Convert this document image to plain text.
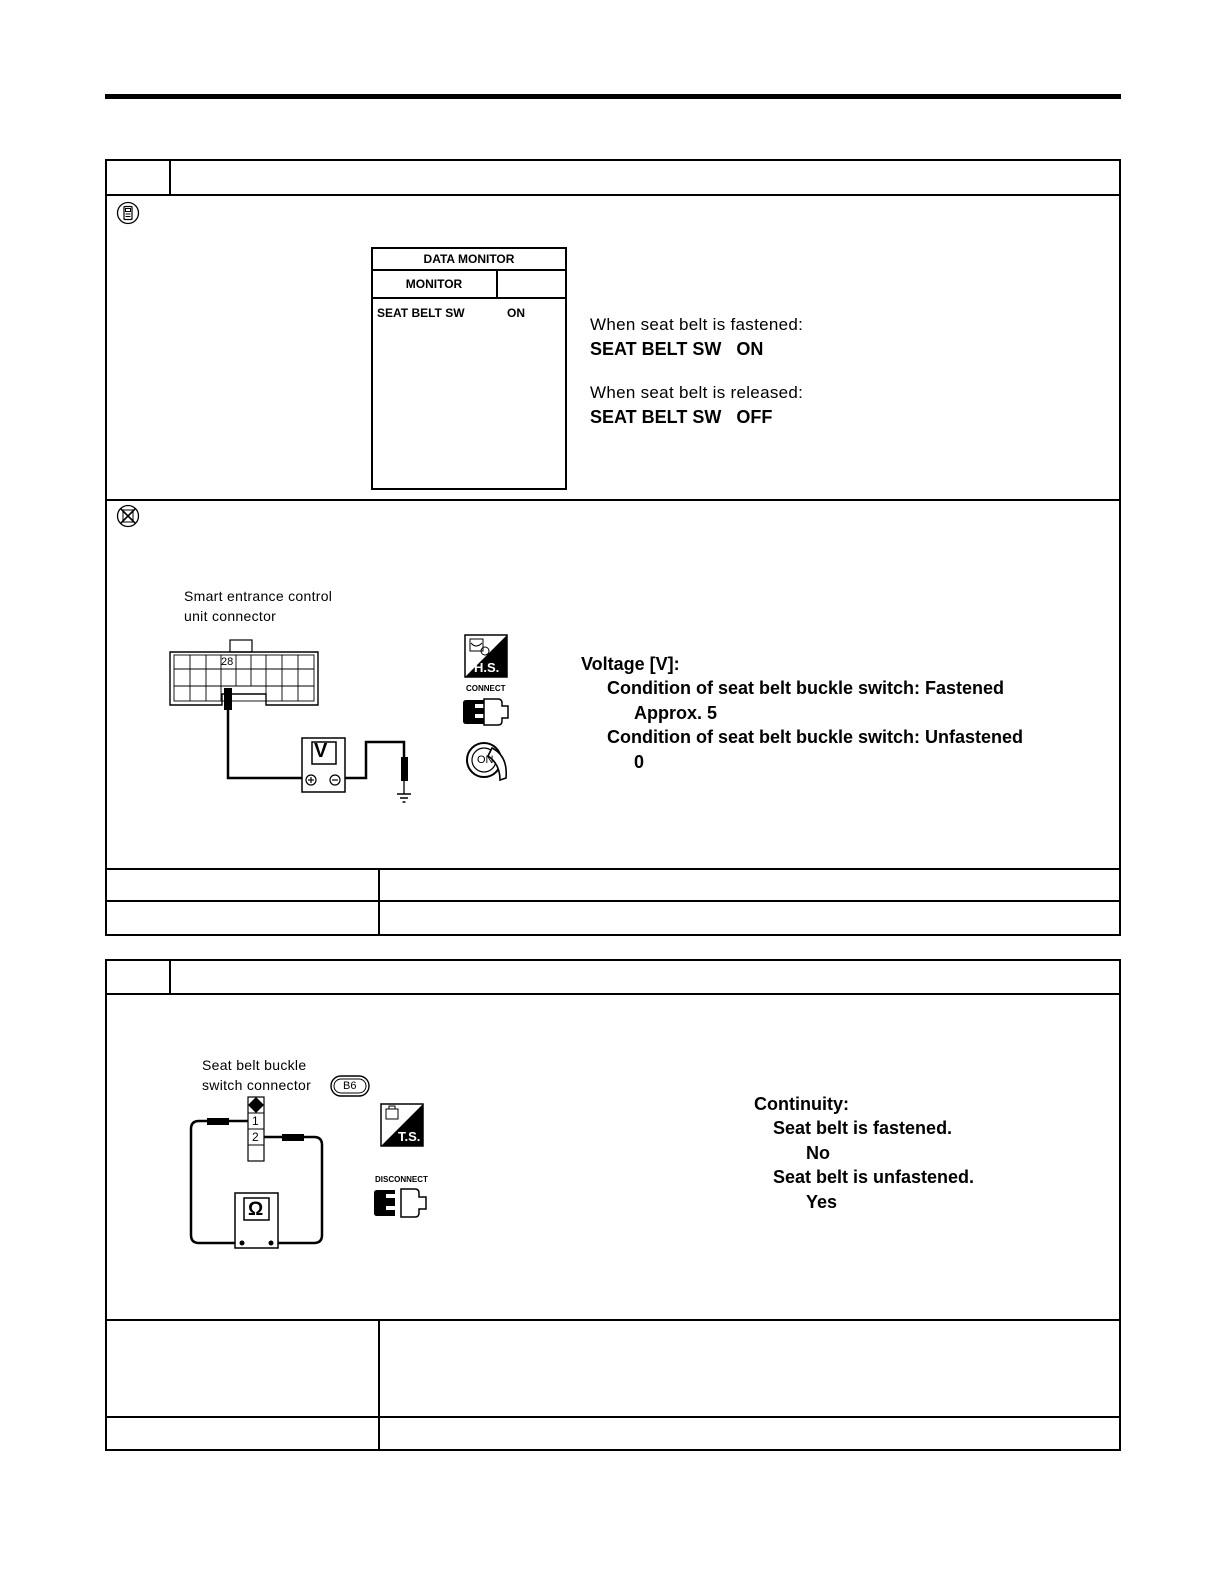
DATA MONITOR
MONITOR
SEAT BELT SW	ON
When seat belt is fastened:
SEAT BELT SW   ON
When seat belt is released:
SEAT BELT SW   OFF
Smart entrance control
unit connector
28
V
H.S.
CONNECT
ON
Voltage [V]:
Condition of seat belt buckle switch: Fastened
Approx. 5
Condition of seat belt buckle switch: Unfastened
0
Seat belt buckle
switch connector	B6
1
2
Ω
T.S.
DISCONNECT
Continuity:
Seat belt is fastened.
No
Seat belt is unfastened.
Yes
